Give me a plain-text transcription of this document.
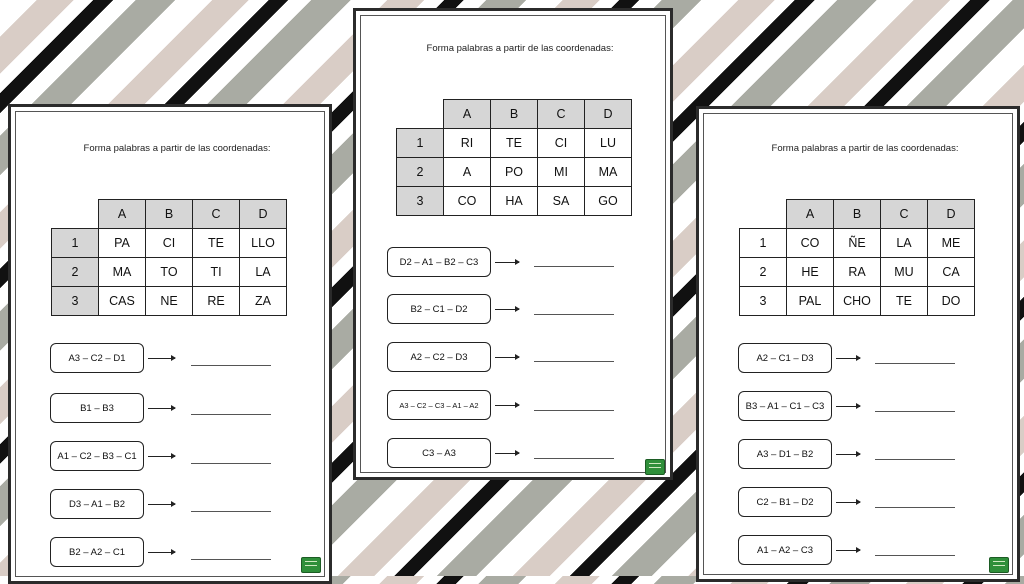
Forma palabras a partir de las coordenadas:
	A	B	C	D
1	PA	CI	TE	LLO
2	MA	TO	TI	LA
3	CAS	NE	RE	ZA
A3 – C2 – D1
B1 – B3
A1 – C2 – B3 – C1
D3 – A1 – B2
B2 – A2 – C1
Forma palabras a partir de las coordenadas:
	A	B	C	D
1	RI	TE	CI	LU
2	A	PO	MI	MA
3	CO	HA	SA	GO
D2 – A1 – B2 – C3
B2 – C1 – D2
A2 – C2 – D3
A3 – C2 – C3 – A1 – A2
C3 – A3
Forma palabras a partir de las coordenadas:
	A	B	C	D
1	CO	ÑE	LA	ME
2	HE	RA	MU	CA
3	PAL	CHO	TE	DO
A2 – C1 – D3
B3 – A1 – C1 – C3
A3 – D1 – B2
C2 – B1 – D2
A1 – A2 – C3
